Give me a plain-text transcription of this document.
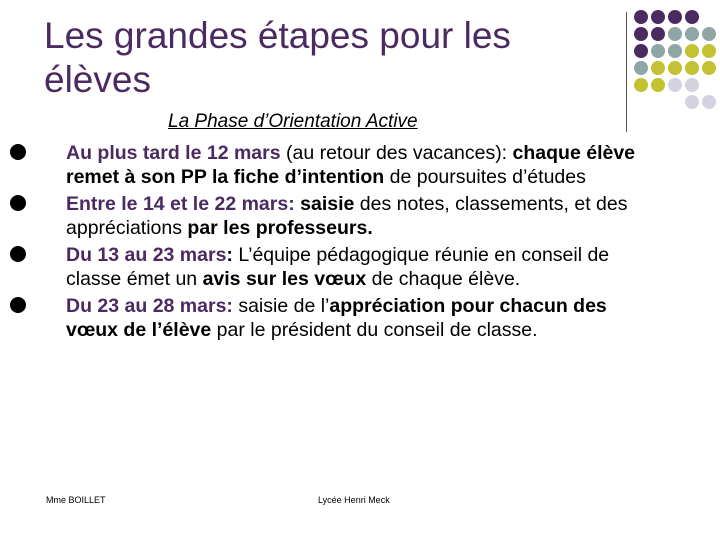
Les grandes étapes pour les
élèves
La Phase d’Orientation Active
Au plus tard le 12 mars (au retour des vacances): chaque élève remet à son PP la fiche d’intention de poursuites d’études
Entre le 14 et le 22 mars: saisie des notes, classements, et des appréciations par les professeurs.
Du 13 au 23 mars: L’équipe pédagogique réunie en conseil de classe émet un avis sur les vœux de chaque élève.
Du 23 au 28 mars: saisie de l’appréciation pour chacun des vœux de l’élève par le président du conseil de classe.
Mme BOILLET	Lycée Henri Meck
